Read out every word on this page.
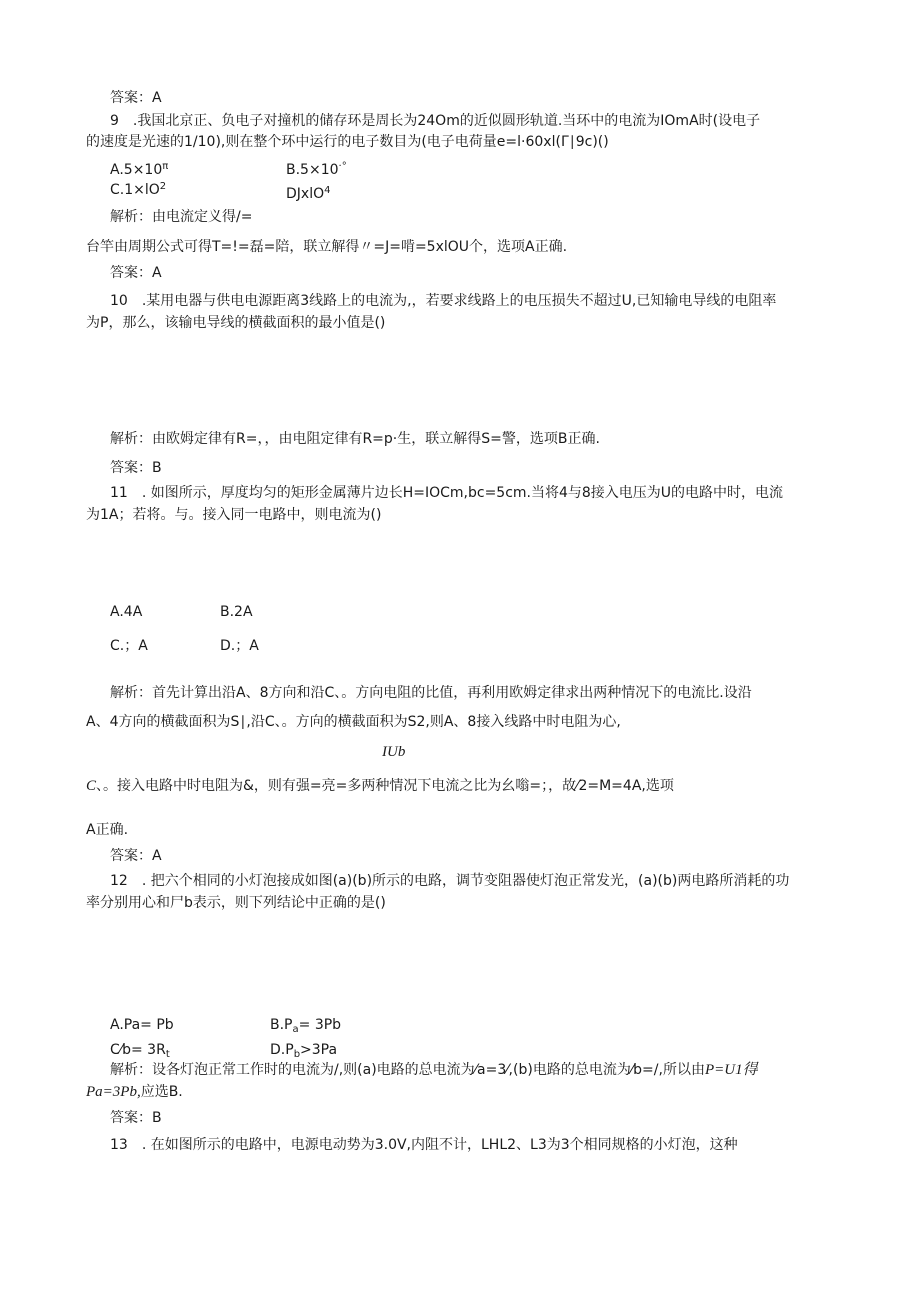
答案：A
9　.我国北京正、负电子对撞机的储存环是周长为24Om的近似圆形轨道.当环中的电流为IOmA时(设电子
的速度是光速的1/10),则在整个环中运行的电子数目为(电子电荷量e=l·60xl(Γ∣9c)()
$A.5\times 10^\pi$	B.5×10·°
$C.1\times lO^2$	DJxlO$^4$
解析：由电流定义得/=
台竿由周期公式可得T=!=磊=陪，联立解得〃=J=啃=5xlOU个，选项A正确.
答案：A
10　.某用电器与供电电源距离3线路上的电流为,，若要求线路上的电压损失不超过U,已知输电导线的电阻率
为P，那么，该输电导线的横截面积的最小值是()
解析：由欧姆定律有R=，，由电阻定律有R=p·生，联立解得S=警，选项B正确.
答案：B
11　. 如图所示，厚度均匀的矩形金属薄片边长H=IOCm,bc=5cm.当将4与8接入电压为U的电路中时，电流
为1A；若将。与。接入同一电路中，则电流为()
A.4A	B.2A
C.；A	D.；A
解析：首先计算出沿A、8方向和沿C、。方向电阻的比值，再利用欧姆定律求出两种情况下的电流比.设沿
A、4方向的横截面积为S∣,沿C、。方向的横截面积为S2,则A、8接入线路中时电阻为心,
IUb
C、。接入电路中时电阻为&，则有强=亮=多两种情况下电流之比为幺嗡=；，故⁄2=M=4A,选项
A正确.
答案：A
12　. 把六个相同的小灯泡接成如图(a)(b)所示的电路，调节变阻器使灯泡正常发光，(a)(b)两电路所消耗的功
率分别用心和尸b表示，则下列结论中正确的是()
A.Pa= Pb	$B.P_a= 3Pb$
C⁄b= $3R_t$	$D.P_b>3Pa$
解析：设各灯泡正常工作时的电流为/,则(a)电路的总电流为⁄a=3⁄,(b)电路的总电流为⁄b=/,所以由P=U1得
Pa=3Pb,应选B.
答案：B
13　. 在如图所示的电路中，电源电动势为3.0V,内阻不计，LHL2、L3为3个相同规格的小灯泡，这种
